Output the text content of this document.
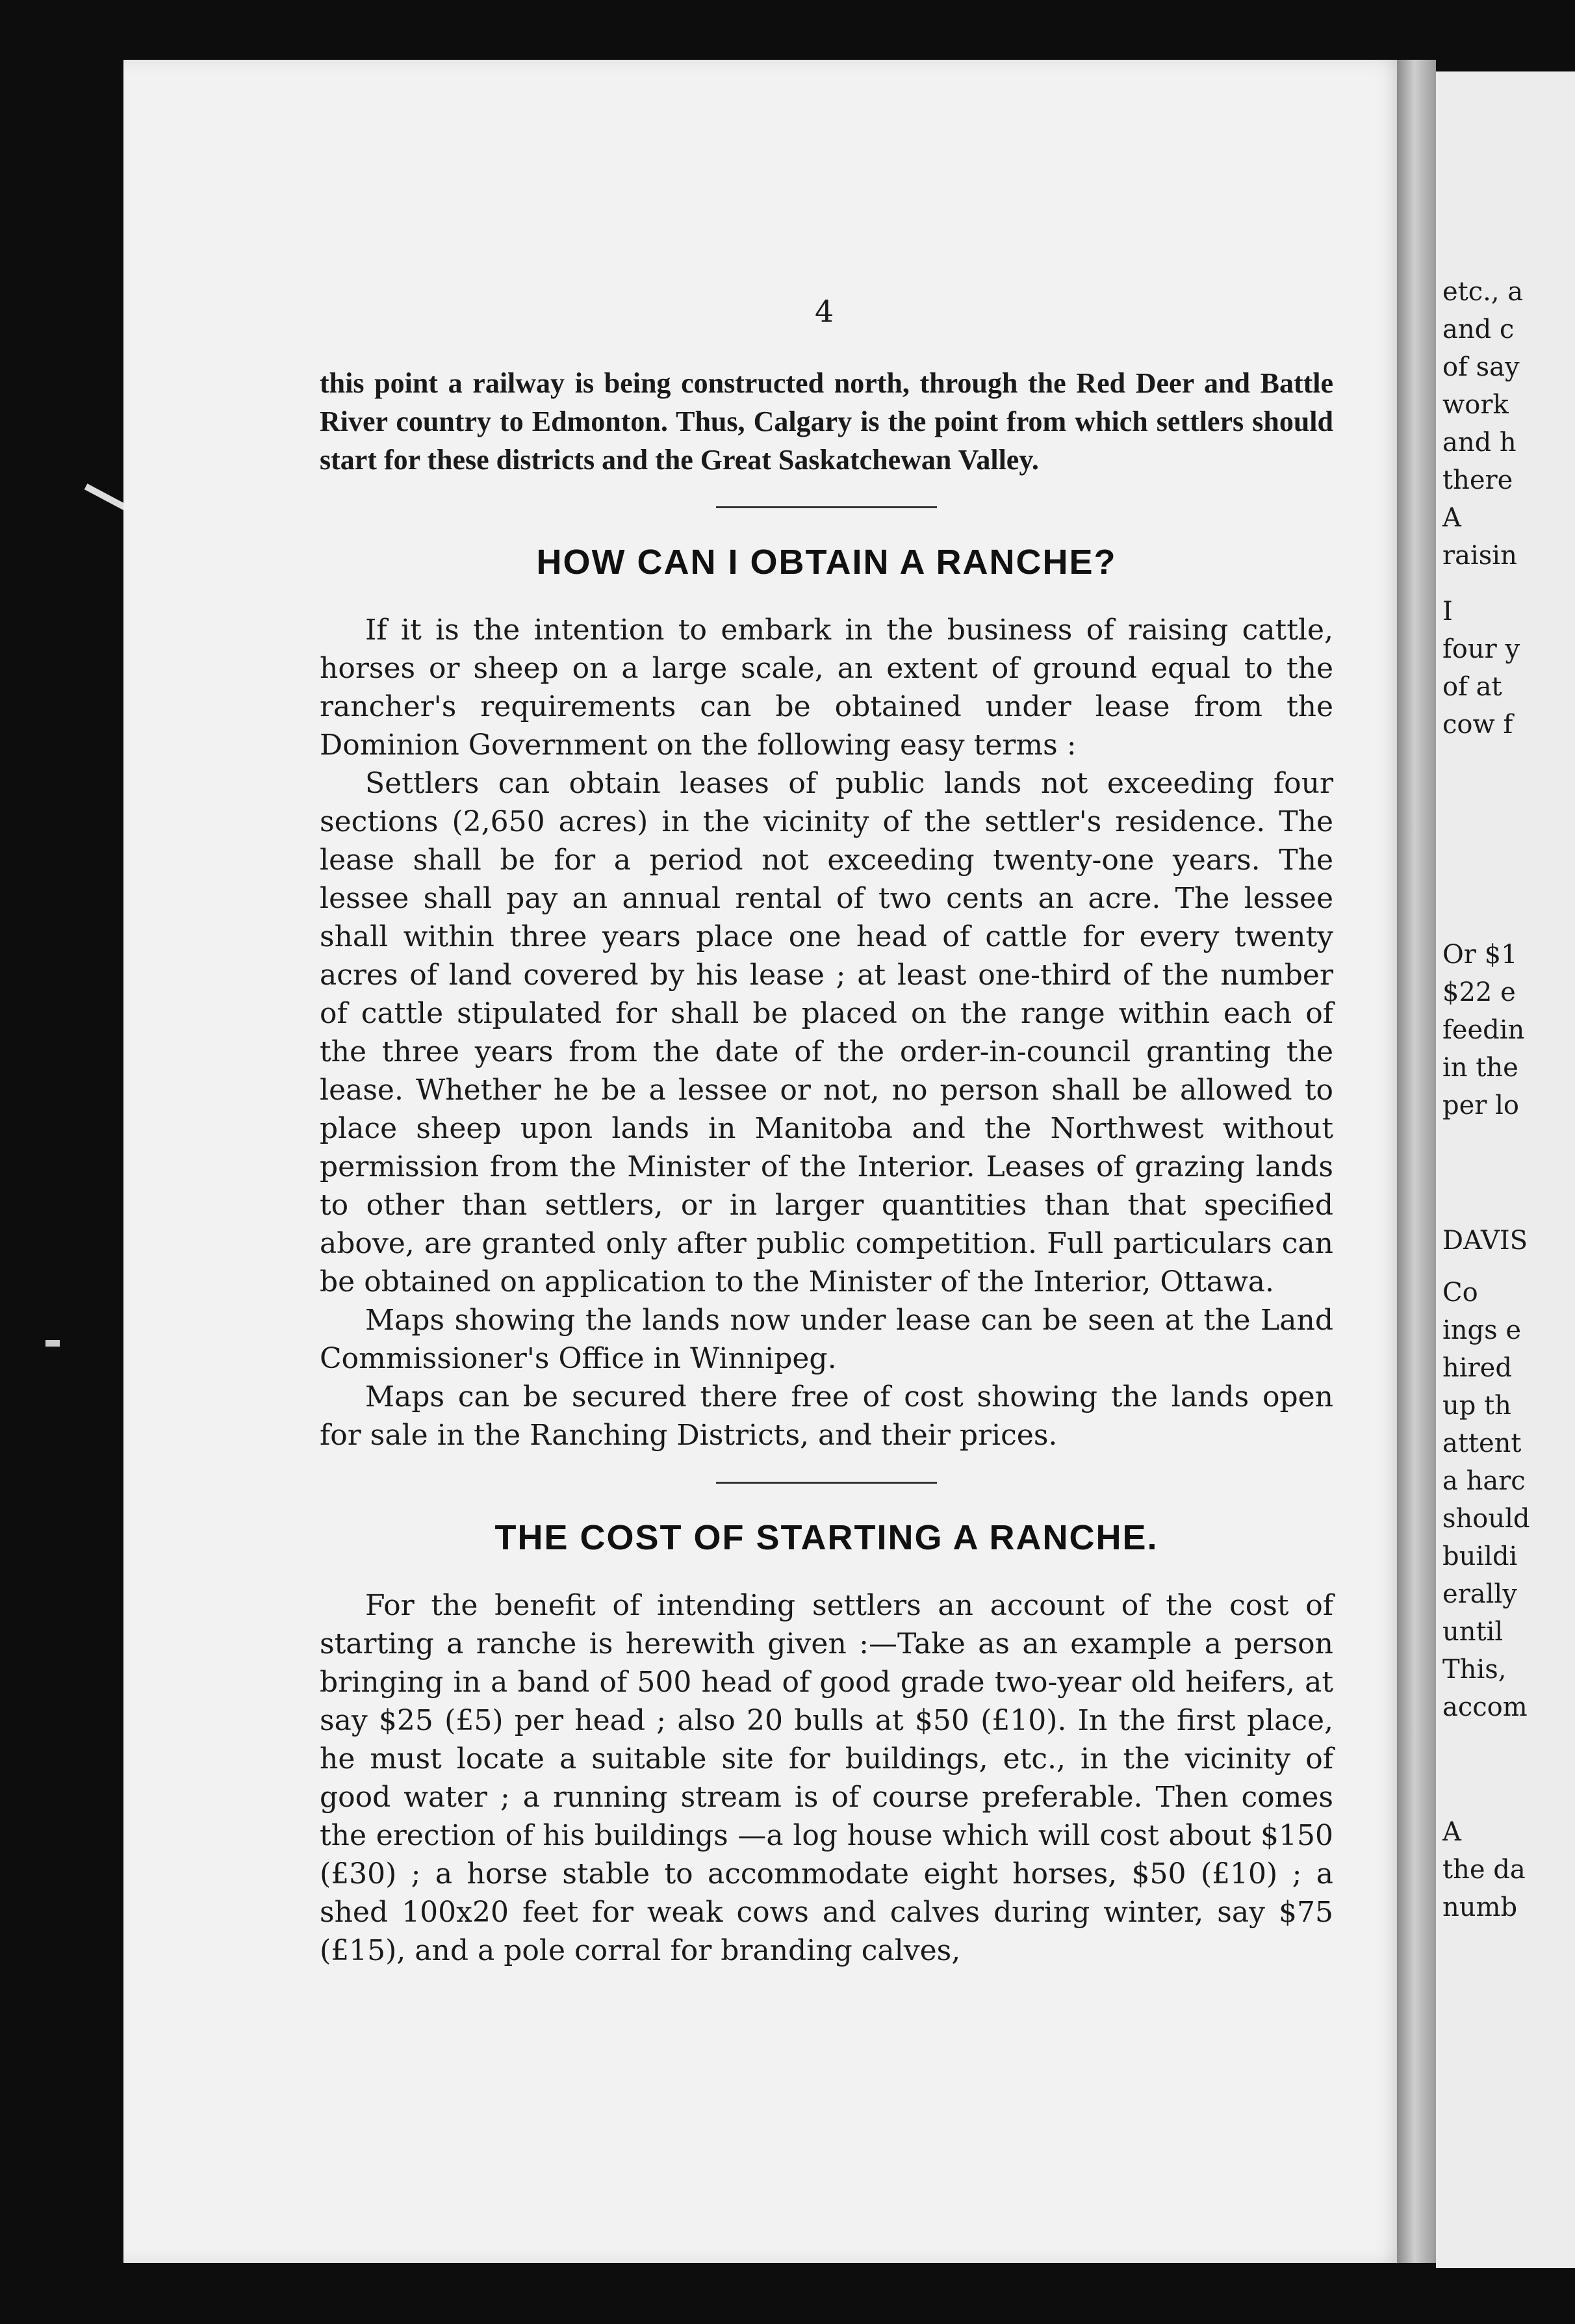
etc., a
and c
of say
work
and h
there
A
raisin
I
four y
of at
cow f
Or $1
$22 e
feedin
in the
per lo
DAVIS
Co
ings e
hired
up th
attent
a harc
should
buildi
erally
until
This,
accom
A
the da
numb
4

this point a railway is being constructed north, through the Red Deer and Battle River country to Edmonton. Thus, Calgary is the point from which settlers should start for these districts and the Great Saskatchewan Valley.

HOW CAN I OBTAIN A RANCHE?

If it is the intention to embark in the business of raising cattle, horses or sheep on a large scale, an extent of ground equal to the rancher's requirements can be obtained under lease from the Dominion Government on the following easy terms :

Settlers can obtain leases of public lands not exceeding four sections (2,650 acres) in the vicinity of the settler's residence. The lease shall be for a period not exceeding twenty-one years. The lessee shall pay an annual rental of two cents an acre. The lessee shall within three years place one head of cattle for every twenty acres of land covered by his lease ; at least one-third of the number of cattle stipulated for shall be placed on the range within each of the three years from the date of the order-in-council granting the lease. Whether he be a lessee or not, no person shall be allowed to place sheep upon lands in Manitoba and the Northwest without permission from the Minister of the Interior. Leases of grazing lands to other than settlers, or in larger quantities than that specified above, are granted only after public competition. Full particulars can be obtained on application to the Minister of the Interior, Ottawa.

Maps showing the lands now under lease can be seen at the Land Commissioner's Office in Winnipeg.

Maps can be secured there free of cost showing the lands open for sale in the Ranching Districts, and their prices.

THE COST OF STARTING A RANCHE.

For the benefit of intending settlers an account of the cost of starting a ranche is herewith given :—Take as an example a person bringing in a band of 500 head of good grade two-year old heifers, at say $25 (£5) per head ; also 20 bulls at $50 (£10). In the first place, he must locate a suitable site for buildings, etc., in the vicinity of good water ; a running stream is of course preferable. Then comes the erection of his buildings —a log house which will cost about $150 (£30) ; a horse stable to accommodate eight horses, $50 (£10) ; a shed 100x20 feet for weak cows and calves during winter, say $75 (£15), and a pole corral for branding calves,
